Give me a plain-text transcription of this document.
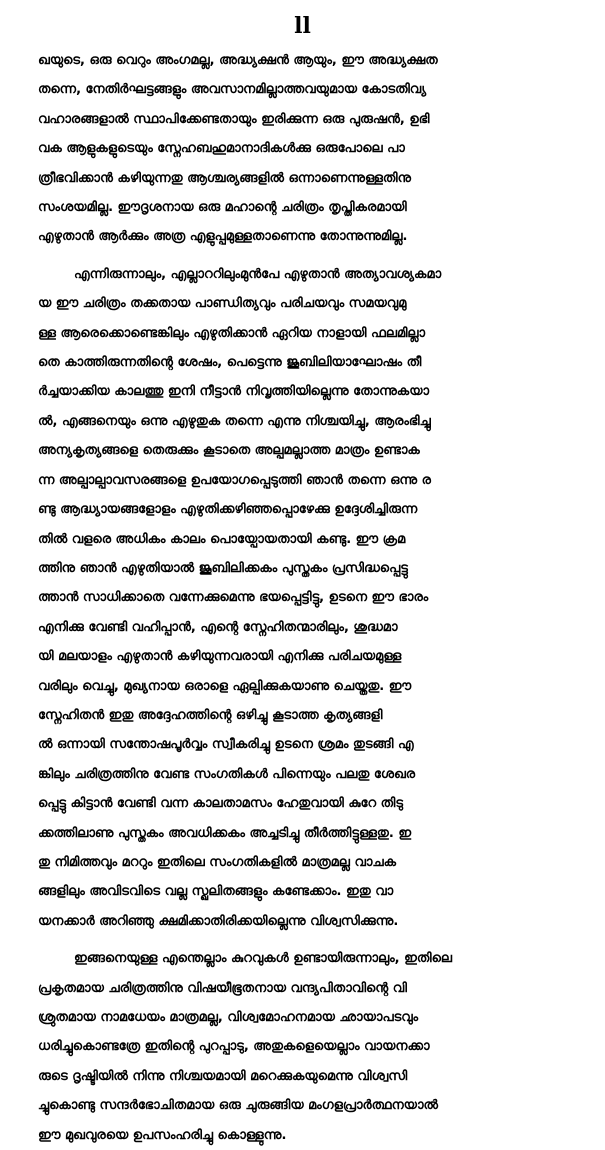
ll
ഖയുടെ, ഒരു വെറും അംഗമല്ല, അദ്ധ്യക്ഷൻ ആയും, ഈ അദ്ധ്യക്ഷത
തന്നെ, നേതിർഘട്ടങ്ങളും അവസാനമില്ലാത്തവയുമായ കോടതിവ്യ
വഹാരങ്ങളാൽ സ്ഥാപിക്കേണ്ടതായും ഇരിക്കുന്ന ഒരു പുരുഷൻ, ഉഭി
വക ആളുകളുടെയും സ്നേഹബഹുമാനാദികൾക്കു ഒരുപോലെ പാ
ത്രീഭവിക്കാൻ കഴിയുന്നതു ആശ്ചര്യങ്ങളിൽ ഒന്നാണെന്നുള്ളതിനു
സംശയമില്ല. ഈദൃശനായ ഒരു മഹാന്റെ ചരിത്രം തൃപ്തികരമായി
എഴുതാൻ ആർക്കും അത്ര എളുപ്പമുള്ളതാണെന്നു തോന്നുന്നുമില്ല.
എന്നിരുന്നാലും, എല്ലാററിലുംമുൻപേ എഴുതാൻ അത്യാവശ്യകമാ
യ ഈ ചരിത്രം തക്കതായ പാണ്ഡിത്യവും പരിചയവും സമയവുമു
ള്ള ആരെക്കൊണ്ടെങ്കിലും എഴുതിക്കാൻ ഏറിയ നാളായി ഫലമില്ലാ
തെ കാത്തിരുന്നതിന്റെ ശേഷം, പെട്ടെന്നു ജൂബിലിയാഘോഷം തീ
ർച്ചയാക്കിയ കാലത്തു ഇനി നീട്ടാൻ നിവൃത്തിയില്ലെന്നു തോന്നുകയാ
ൽ, എങ്ങനെയും ഒന്നു എഴുതുക തന്നെ എന്നു നിശ്ചയിച്ചു, ആരംഭിച്ചു
അന്യകൃത്യങ്ങളെ തെരുക്കും കൂടാതെ അല്പമല്ലാത്ത മാത്രം ഉണ്ടാക
ന്ന അല്പാല്പാവസരങ്ങളെ ഉപയോഗപ്പെടുത്തി ഞാൻ തന്നെ ഒന്നു ര
ണ്ടു ആദ്ധ്യായങ്ങളോളം എഴുതിക്കഴിഞ്ഞപ്പൊഴേക്കു ഉദ്ദേശിച്ചിരുന്ന
തിൽ വളരെ അധികം കാലം പൊയ്പോയതായി കണ്ടു. ഈ ക്രമ
ത്തിനു ഞാൻ എഴുതിയാൽ ജൂബിലിക്കകം പുസ്തകം പ്രസിദ്ധപ്പെട്ടു
ത്താൻ സാധിക്കാതെ വന്നേക്കുമെന്നു ഭയപ്പെട്ടിട്ടു, ഉടനെ ഈ ഭാരം
എനിക്കു വേണ്ടി വഹിപ്പാൻ, എന്റെ സ്നേഹിതന്മാരിലും, ശുദ്ധമാ
യി മലയാളം എഴുതാൻ കഴിയുന്നവരായി എനിക്കു പരിചയമുള്ള
വരിലും വെച്ചു, മുഖ്യനായ ഒരാളെ ഏല്പിക്കുകയാണു ചെയ്തതു. ഈ
സ്നേഹിതൻ ഇതു അദ്ദേഹത്തിന്റെ ഒഴിച്ചു കൂടാത്ത കൃത്യങ്ങളി
ൽ ഒന്നായി സന്തോഷപൂർവ്വം സ്വീകരിച്ചു ഉടനെ ശ്രമം തുടങ്ങി എ
ങ്കിലും ചരിത്രത്തിനു വേണ്ട സംഗതികൾ പിന്നെയും പലതു ശേഖര
പ്പെട്ടു കിട്ടാൻ വേണ്ടി വന്ന കാലതാമസം ഹേതുവായി കുറേ തിടു
ക്കത്തിലാണു പുസ്തകം അവധിക്കകം അച്ചടിച്ചു തീർത്തിട്ടുള്ളതു. ഇ
തു നിമിത്തവും മററും ഇതിലെ സംഗതികളിൽ മാത്രമല്ല വാചക
ങ്ങളിലും അവിടവിടെ വല്ല സ്ഖലിതങ്ങളും കണ്ടേക്കാം. ഇതു വാ
യനക്കാർ അറിഞ്ഞു ക്ഷമിക്കാതിരിക്കയില്ലെന്നു വിശ്വസിക്കുന്നു.
ഇങ്ങനെയുള്ള എന്തെല്ലാം കുറവുകൾ ഉണ്ടായിരുന്നാലും, ഇതിലെ
പ്രകൃതമായ ചരിത്രത്തിനു വിഷയീഭൂതനായ വന്ദ്യപിതാവിന്റെ വി
ശ്രുതമായ നാമധേയം മാത്രമല്ല, വിശ്വമോഹനമായ ഛായാപടവും
ധരിച്ചുകൊണ്ടത്രേ ഇതിന്റെ പുറപ്പാടു, അതുകളെയെല്ലാം വായനക്കാ
രുടെ ദൃഷ്ടിയിൽ നിന്നു നിശ്ചയമായി മറെക്കുകയുമെന്നു വിശ്വസി
ച്ചുകൊണ്ടു സന്ദർഭോചിതമായ ഒരു ചുരുങ്ങിയ മംഗളപ്രാർത്ഥനയാൽ
ഈ മുഖവുരയെ ഉപസംഹരിച്ചു കൊള്ളുന്നു.
